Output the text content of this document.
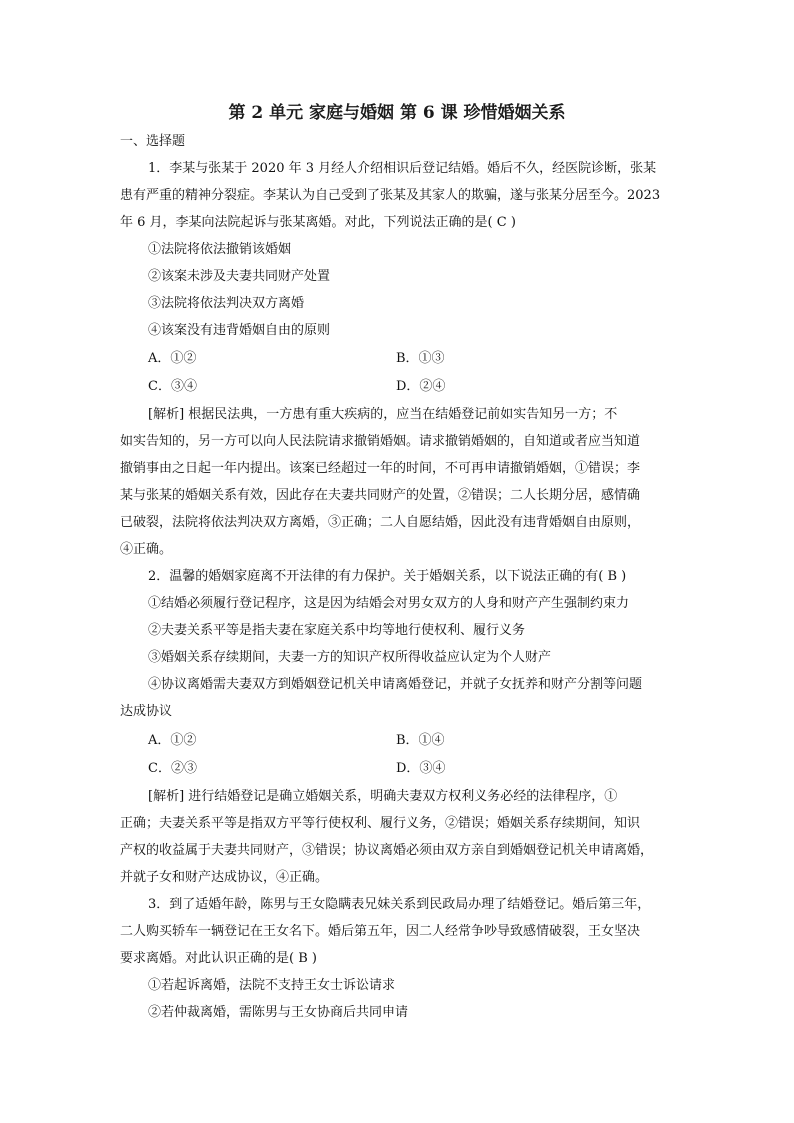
第 2 单元 家庭与婚姻 第 6 课 珍惜婚姻关系
一、选择题
1．李某与张某于 2020 年 3 月经人介绍相识后登记结婚。婚后不久，经医院诊断，张某
患有严重的精神分裂症。李某认为自己受到了张某及其家人的欺骗，遂与张某分居至今。2023
年 6 月，李某向法院起诉与张某离婚。对此，下列说法正确的是( C )
①法院将依法撤销该婚姻
②该案未涉及夫妻共同财产处置
③法院将依法判决双方离婚
④该案没有违背婚姻自由的原则
A．①②	B．①③
C．③④	D．②④
[解析] 根据民法典，一方患有重大疾病的，应当在结婚登记前如实告知另一方；不
如实告知的，另一方可以向人民法院请求撤销婚姻。请求撤销婚姻的，自知道或者应当知道
撤销事由之日起一年内提出。该案已经超过一年的时间，不可再申请撤销婚姻，①错误；李
某与张某的婚姻关系有效，因此存在夫妻共同财产的处置，②错误；二人长期分居，感情确
已破裂，法院将依法判决双方离婚，③正确；二人自愿结婚，因此没有违背婚姻自由原则，
④正确。
2．温馨的婚姻家庭离不开法律的有力保护。关于婚姻关系，以下说法正确的有( B )
①结婚必须履行登记程序，这是因为结婚会对男女双方的人身和财产产生强制约束力
②夫妻关系平等是指夫妻在家庭关系中均等地行使权利、履行义务
③婚姻关系存续期间，夫妻一方的知识产权所得收益应认定为个人财产
④协议离婚需夫妻双方到婚姻登记机关申请离婚登记，并就子女抚养和财产分割等问题
达成协议
A．①②	B．①④
C．②③	D．③④
[解析] 进行结婚登记是确立婚姻关系，明确夫妻双方权利义务必经的法律程序，①
正确；夫妻关系平等是指双方平等行使权利、履行义务，②错误；婚姻关系存续期间，知识
产权的收益属于夫妻共同财产，③错误；协议离婚必须由双方亲自到婚姻登记机关申请离婚，
并就子女和财产达成协议，④正确。
3．到了适婚年龄，陈男与王女隐瞒表兄妹关系到民政局办理了结婚登记。婚后第三年，
二人购买轿车一辆登记在王女名下。婚后第五年，因二人经常争吵导致感情破裂，王女坚决
要求离婚。对此认识正确的是( B )
①若起诉离婚，法院不支持王女士诉讼请求
②若仲裁离婚，需陈男与王女协商后共同申请
